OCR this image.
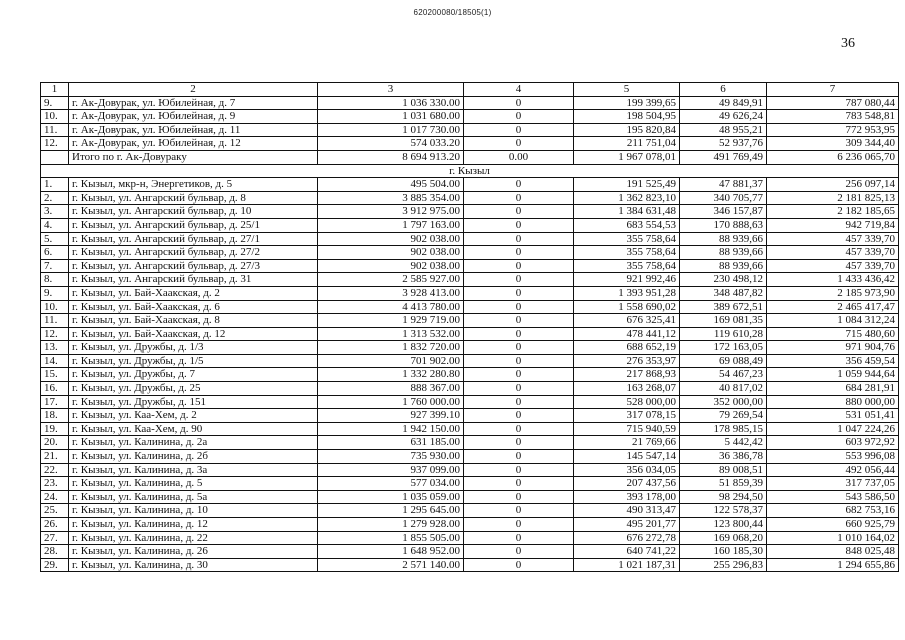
620200080/18505(1)
36
1	2	3	4	5	6	7
9.	г. Ак-Довурак, ул. Юбилейная, д. 7	1 036 330.00	0	199 399,65	49 849,91	787 080,44
10.	г. Ак-Довурак, ул. Юбилейная, д. 9	1 031 680.00	0	198 504,95	49 626,24	783 548,81
11.	г. Ак-Довурак, ул. Юбилейная, д. 11	1 017 730.00	0	195 820,84	48 955,21	772 953,95
12.	г. Ак-Довурак, ул. Юбилейная, д. 12	574 033.20	0	211 751,04	52 937,76	309 344,40
	Итого по г. Ак-Довураку	8 694 913.20	0.00	1 967 078,01	491 769,49	6 236 065,70
г. Кызыл						
1.	г. Кызыл, мкр-н, Энергетиков, д. 5	495 504.00	0	191 525,49	47 881,37	256 097,14
2.	г. Кызыл, ул. Ангарский бульвар, д. 8	3 885 354.00	0	1 362 823,10	340 705,77	2 181 825,13
3.	г. Кызыл, ул. Ангарский бульвар, д. 10	3 912 975.00	0	1 384 631,48	346 157,87	2 182 185,65
4.	г. Кызыл, ул. Ангарский бульвар, д. 25/1	1 797 163.00	0	683 554,53	170 888,63	942 719,84
5.	г. Кызыл, ул. Ангарский бульвар, д. 27/1	902 038.00	0	355 758,64	88 939,66	457 339,70
6.	г. Кызыл, ул. Ангарский бульвар, д. 27/2	902 038.00	0	355 758,64	88 939,66	457 339,70
7.	г. Кызыл, ул. Ангарский бульвар, д. 27/3	902 038.00	0	355 758,64	88 939,66	457 339,70
8.	г. Кызыл, ул. Ангарский бульвар, д. 31	2 585 927.00	0	921 992,46	230 498,12	1 433 436,42
9.	г. Кызыл, ул. Бай-Хаакская, д. 2	3 928 413.00	0	1 393 951,28	348 487,82	2 185 973,90
10.	г. Кызыл, ул. Бай-Хаакская, д. 6	4 413 780.00	0	1 558 690,02	389 672,51	2 465 417,47
11.	г. Кызыл, ул. Бай-Хаакская, д. 8	1 929 719.00	0	676 325,41	169 081,35	1 084 312,24
12.	г. Кызыл, ул. Бай-Хаакская, д. 12	1 313 532.00	0	478 441,12	119 610,28	715 480,60
13.	г. Кызыл, ул. Дружбы, д. 1/3	1 832 720.00	0	688 652,19	172 163,05	971 904,76
14.	г. Кызыл, ул. Дружбы, д. 1/5	701 902.00	0	276 353,97	69 088,49	356 459,54
15.	г. Кызыл, ул. Дружбы, д. 7	1 332 280.80	0	217 868,93	54 467,23	1 059 944,64
16.	г. Кызыл, ул. Дружбы, д. 25	888 367.00	0	163 268,07	40 817,02	684 281,91
17.	г. Кызыл, ул. Дружбы, д. 151	1 760 000.00	0	528 000,00	352 000,00	880 000,00
18.	г. Кызыл, ул. Каа-Хем, д. 2	927 399.10	0	317 078,15	79 269,54	531 051,41
19.	г. Кызыл, ул. Каа-Хем, д. 90	1 942 150.00	0	715 940,59	178 985,15	1 047 224,26
20.	г. Кызыл, ул. Калинина, д. 2а	631 185.00	0	21 769,66	5 442,42	603 972,92
21.	г. Кызыл, ул. Калинина, д. 2б	735 930.00	0	145 547,14	36 386,78	553 996,08
22.	г. Кызыл, ул. Калинина, д. 3а	937 099.00	0	356 034,05	89 008,51	492 056,44
23.	г. Кызыл, ул. Калинина, д. 5	577 034.00	0	207 437,56	51 859,39	317 737,05
24.	г. Кызыл, ул. Калинина, д. 5а	1 035 059.00	0	393 178,00	98 294,50	543 586,50
25.	г. Кызыл, ул. Калинина, д. 10	1 295 645.00	0	490 313,47	122 578,37	682 753,16
26.	г. Кызыл, ул. Калинина, д. 12	1 279 928.00	0	495 201,77	123 800,44	660 925,79
27.	г. Кызыл, ул. Калинина, д. 22	1 855 505.00	0	676 272,78	169 068,20	1 010 164,02
28.	г. Кызыл, ул. Калинина, д. 26	1 648 952.00	0	640 741,22	160 185,30	848 025,48
29.	г. Кызыл, ул. Калинина, д. 30	2 571 140.00	0	1 021 187,31	255 296,83	1 294 655,86
